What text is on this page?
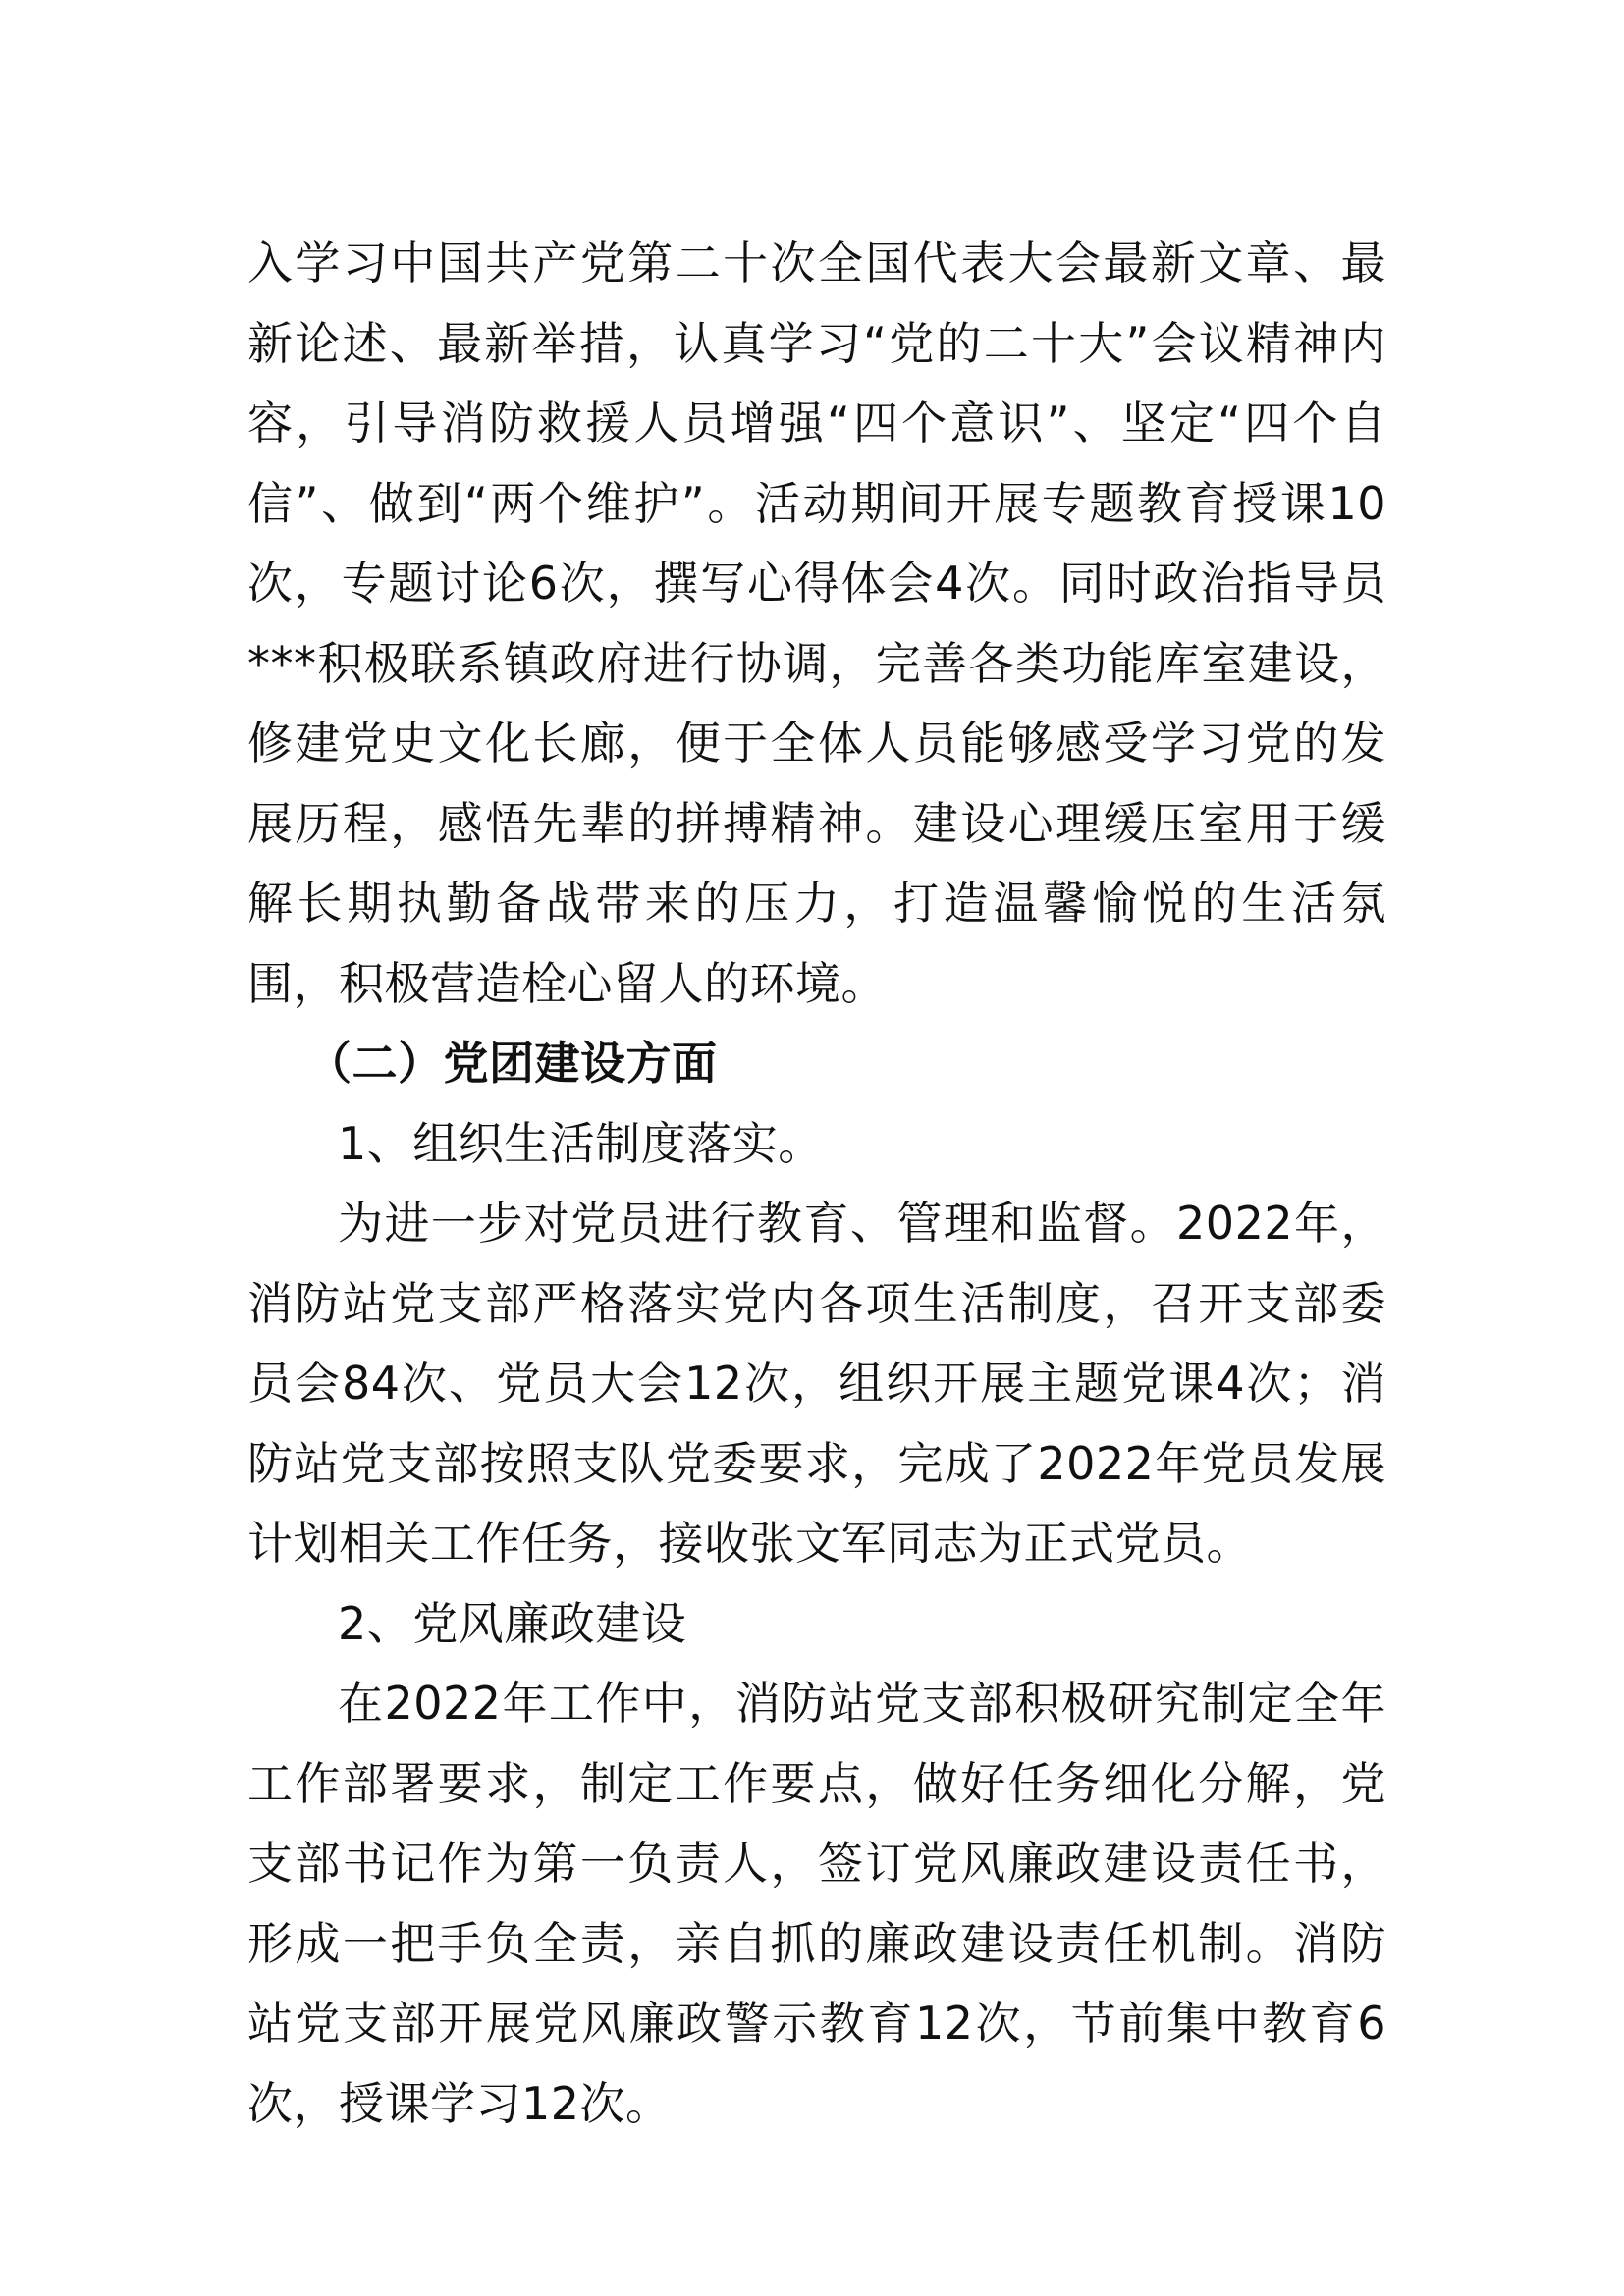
入学习中国共产党第二十次全国代表大会最新文章、最新论述、最新举措，认真学习“党的二十大”会议精神内容，引导消防救援人员增强“四个意识”、坚定“四个自信”、做到“两个维护”。活动期间开展专题教育授课10次，专题讨论6次，撰写心得体会4次。同时政治指导员***积极联系镇政府进行协调，完善各类功能库室建设，修建党史文化长廊，便于全体人员能够感受学习党的发展历程，感悟先辈的拼搏精神。建设心理缓压室用于缓解长期执勤备战带来的压力，打造温馨愉悦的生活氛围，积极营造栓心留人的环境。

（二）党团建设方面

1、组织生活制度落实。

为进一步对党员进行教育、管理和监督。2022年，消防站党支部严格落实党内各项生活制度，召开支部委员会84次、党员大会12次，组织开展主题党课4次；消防站党支部按照支队党委要求，完成了2022年党员发展计划相关工作任务，接收张文军同志为正式党员。

2、党风廉政建设

在2022年工作中，消防站党支部积极研究制定全年工作部署要求，制定工作要点，做好任务细化分解，党支部书记作为第一负责人，签订党风廉政建设责任书，形成一把手负全责，亲自抓的廉政建设责任机制。消防站党支部开展党风廉政警示教育12次，节前集中教育6次，授课学习12次。
